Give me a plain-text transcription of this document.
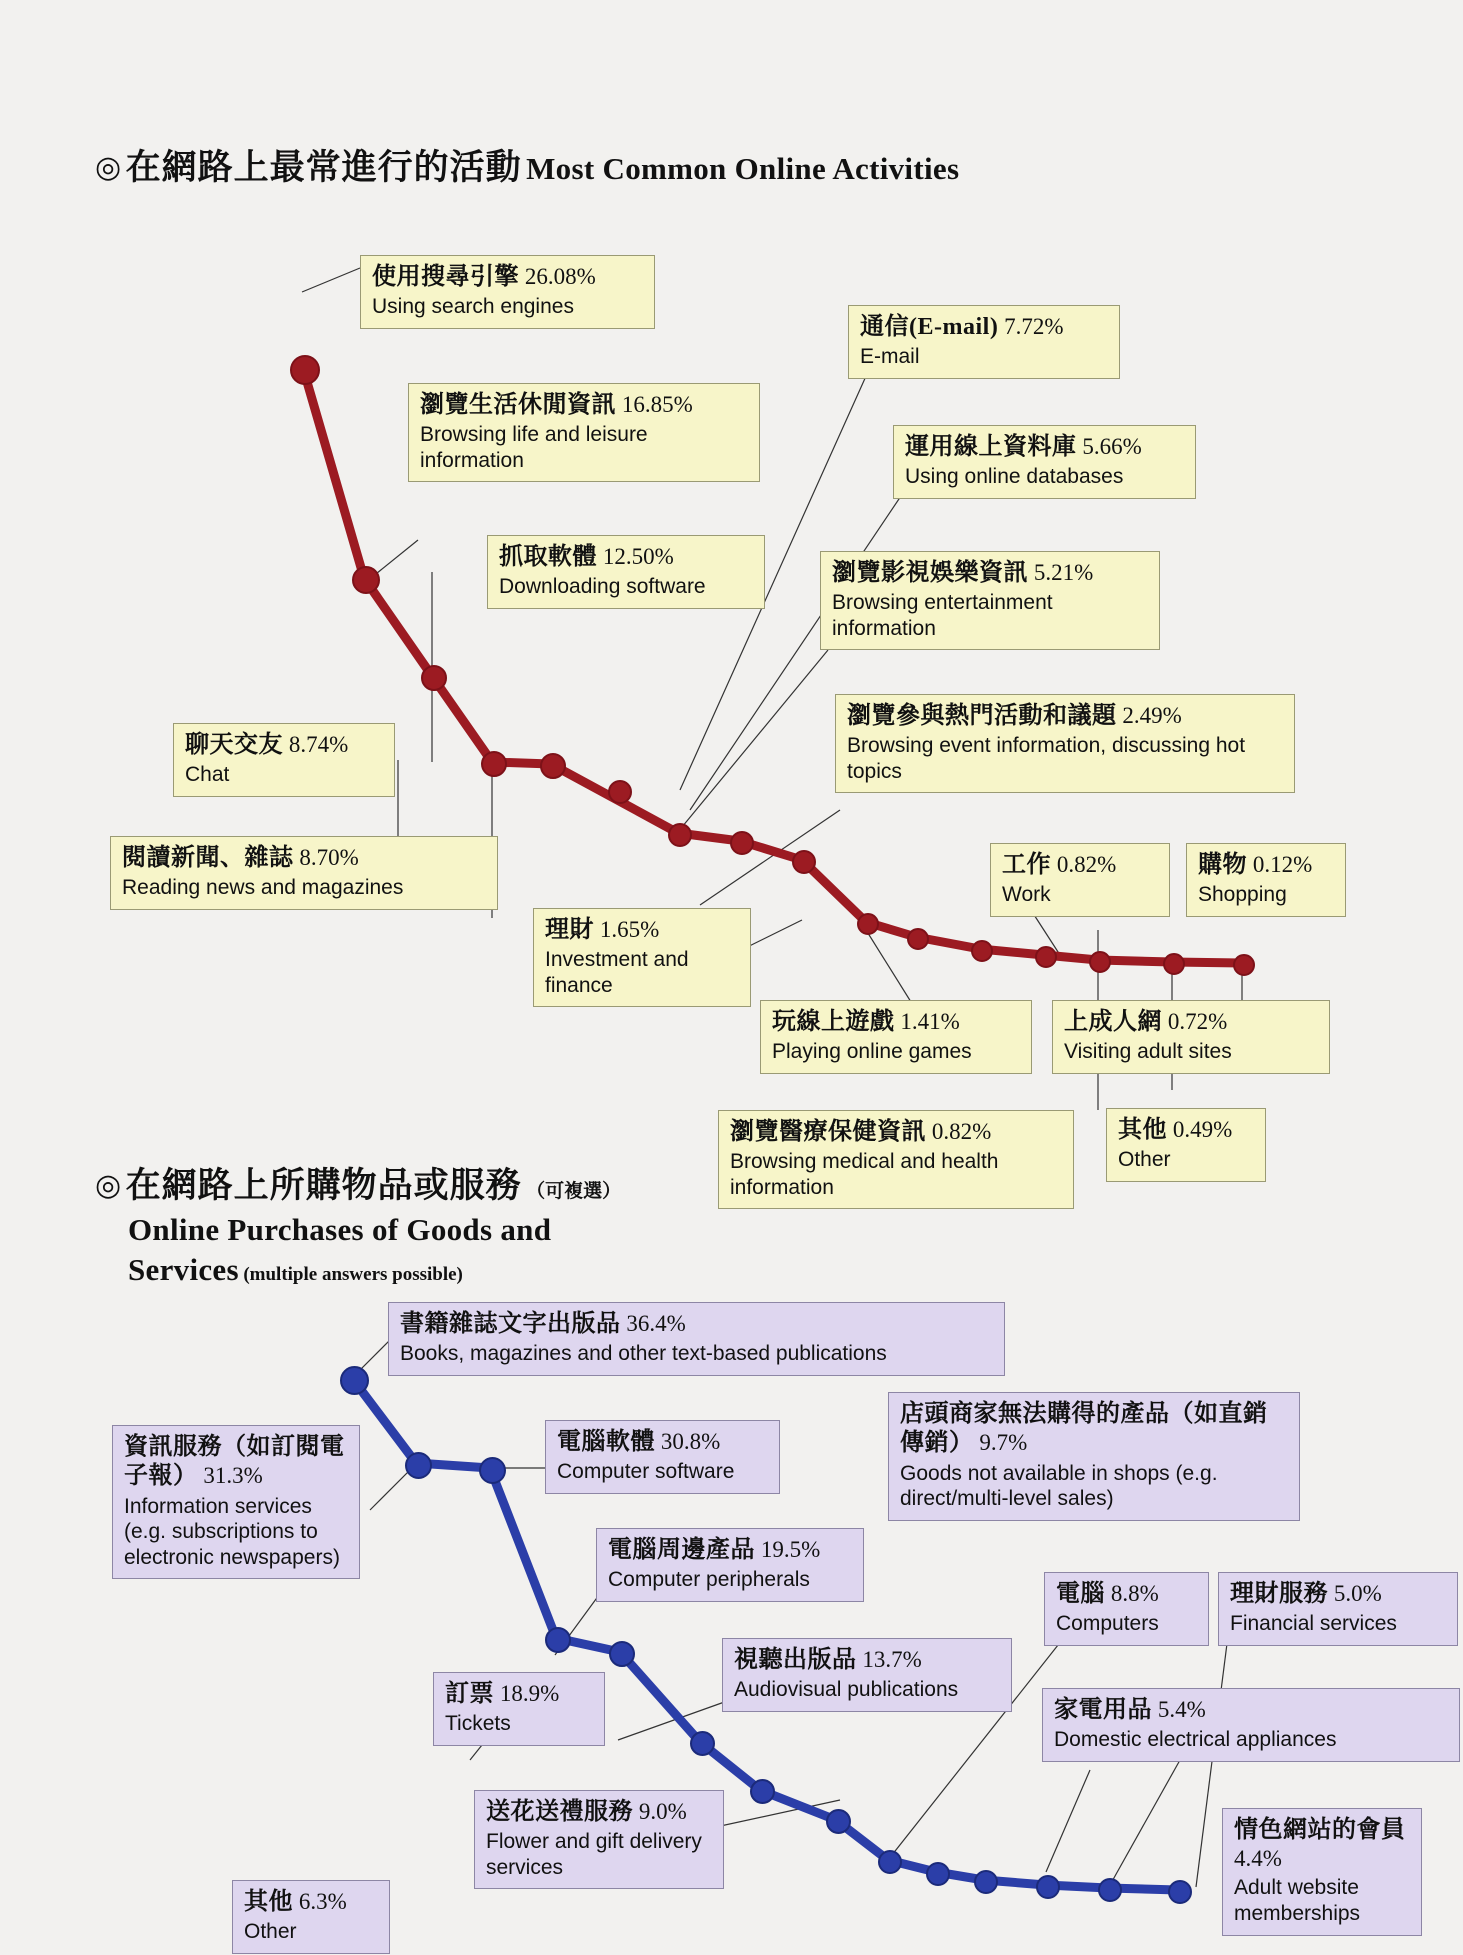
◎ 在網路上最常進行的活動 Most Common Online Activities
◎ 在網路上所購物品或服務 （可複選）
Online Purchases of Goods and
Services (multiple answers possible)
使用搜尋引擎 26.08%
Using search engines
瀏覽生活休閒資訊 16.85%
Browsing life and leisure information
抓取軟體 12.50%
Downloading software
聊天交友 8.74%
Chat
閱讀新聞、雜誌 8.70%
Reading news and magazines
通信(E-mail) 7.72%
E-mail
運用線上資料庫 5.66%
Using online databases
瀏覽影視娛樂資訊 5.21%
Browsing entertainment information
瀏覽參與熱門活動和議題 2.49%
Browsing event information, discussing hot topics
理財 1.65%
Investment and finance
玩線上遊戲 1.41%
Playing online games
瀏覽醫療保健資訊 0.82%
Browsing medical and health information
工作 0.82%
Work
上成人網 0.72%
Visiting adult sites
其他 0.49%
Other
購物 0.12%
Shopping
書籍雜誌文字出版品 36.4%
Books, magazines and other text-based publications
資訊服務（如訂閱電子報） 31.3%
Information services (e.g. subscriptions to electronic newspapers)
電腦軟體 30.8%
Computer software
電腦周邊產品 19.5%
Computer peripherals
訂票 18.9%
Tickets
視聽出版品 13.7%
Audiovisual publications
店頭商家無法購得的產品（如直銷傳銷） 9.7%
Goods not available in shops (e.g. direct/multi-level sales)
送花送禮服務 9.0%
Flower and gift delivery services
電腦 8.8%
Computers
其他 6.3%
Other
家電用品 5.4%
Domestic electrical appliances
理財服務 5.0%
Financial services
情色網站的會員 4.4%
Adult website memberships
